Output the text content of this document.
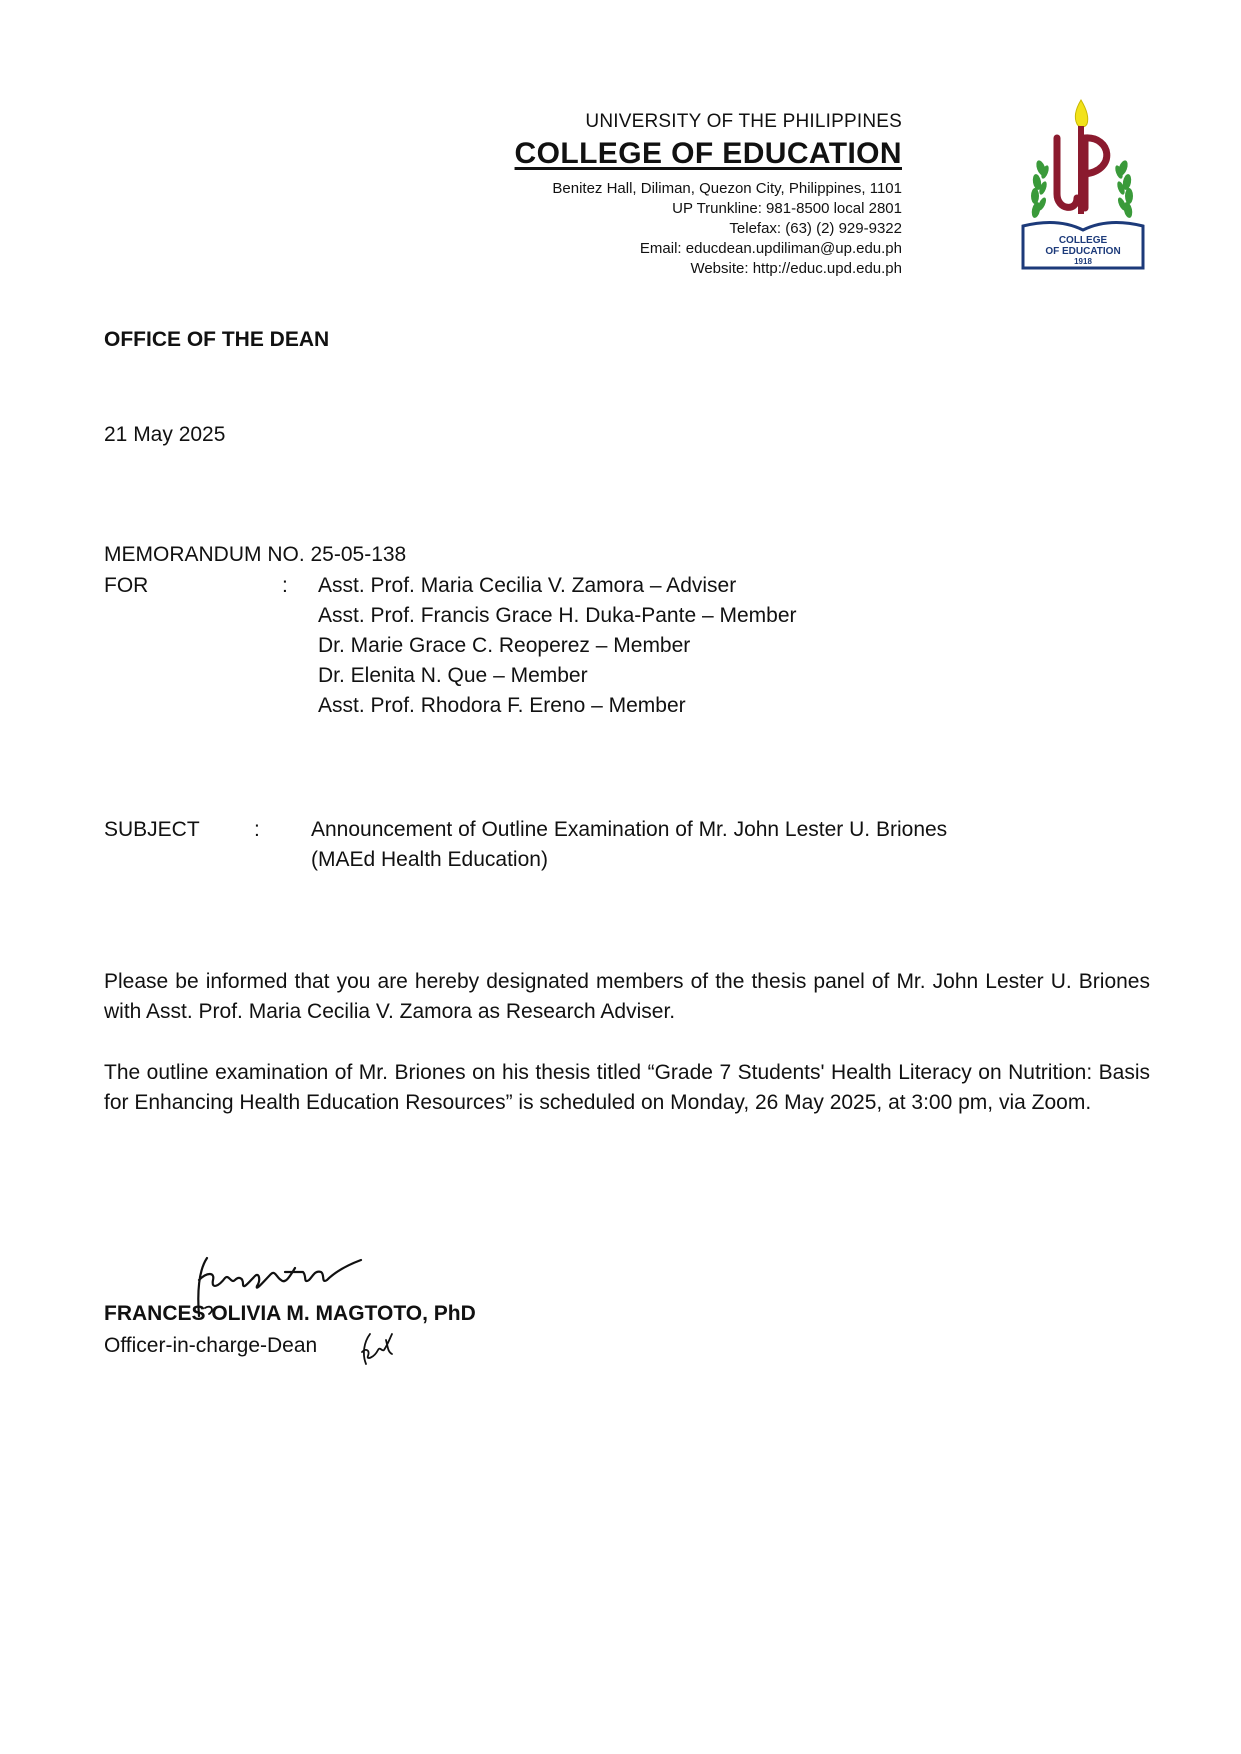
UNIVERSITY OF THE PHILIPPINES
COLLEGE OF EDUCATION
Benitez Hall, Diliman, Quezon City, Philippines, 1101
UP Trunkline: 981-8500 local 2801
Telefax: (63) (2) 929-9322
Email: educdean.updiliman@up.edu.ph
Website: http://educ.upd.edu.ph
COLLEGE
OF EDUCATION
1918
OFFICE OF THE DEAN
21 May 2025
MEMORANDUM NO. 25-05-138
FOR	: Asst. Prof. Maria Cecilia V. Zamora – Adviser
Asst. Prof. Francis Grace H. Duka-Pante – Member
Dr. Marie Grace C. Reoperez – Member
Dr. Elenita N. Que – Member
Asst. Prof. Rhodora F. Ereno – Member
SUBJECT	: Announcement of Outline Examination of Mr. John Lester U. Briones
(MAEd Health Education)
Please be informed that you are hereby designated members of the thesis panel of Mr. John Lester U. Briones with Asst. Prof. Maria Cecilia V. Zamora as Research Adviser.
The outline examination of Mr. Briones on his thesis titled “Grade 7 Students' Health Literacy on Nutrition: Basis for Enhancing Health Education Resources” is scheduled on Monday, 26 May 2025, at 3:00 pm, via Zoom.
FRANCES OLIVIA M. MAGTOTO, PhD
Officer-in-charge-Dean
